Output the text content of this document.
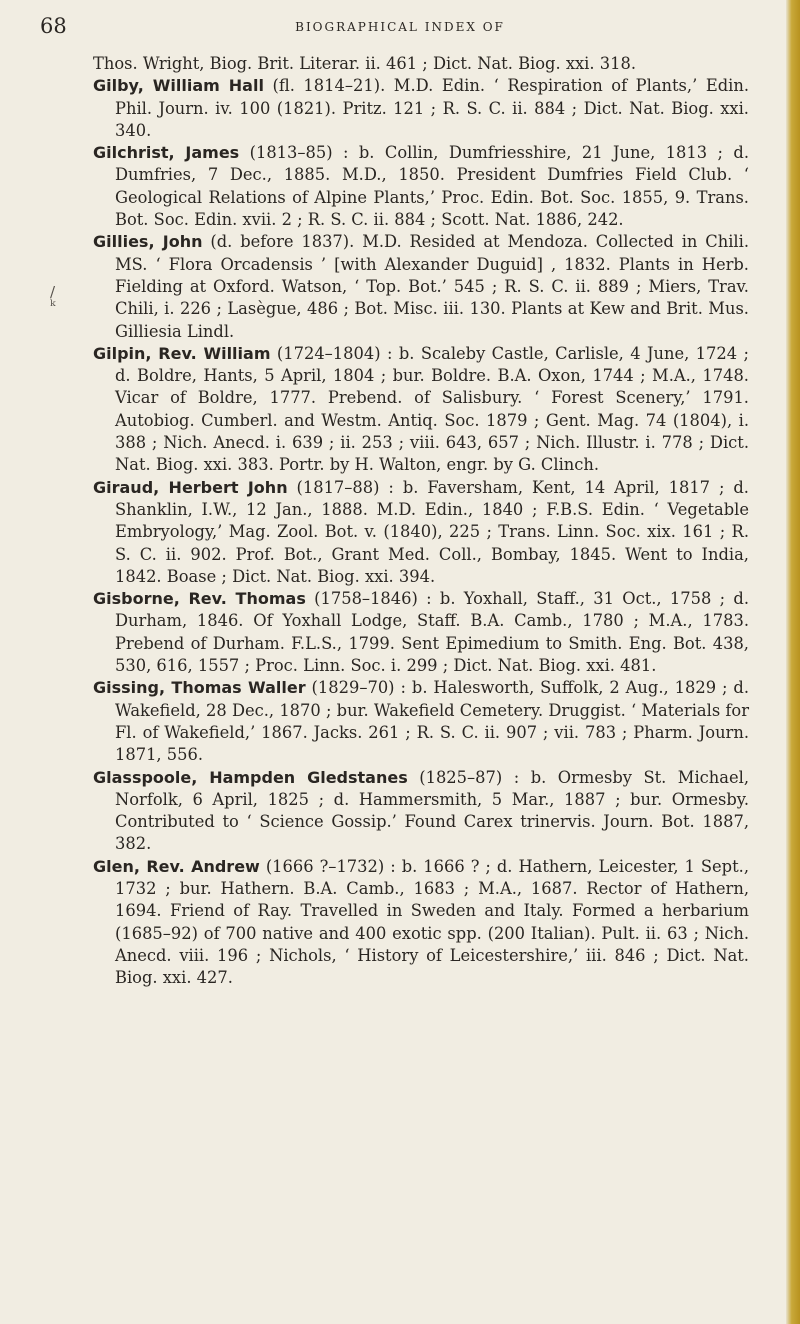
68	BIOGRAPHICAL INDEX OF
/
ᵏ

Thos. Wright, Biog. Brit. Literar. ii. 461 ; Dict. Nat. Biog. xxi. 318.

Gilby, William Hall (fl. 1814–21). M.D. Edin. ‘ Respiration of Plants,’ Edin. Phil. Journ. iv. 100 (1821). Pritz. 121 ; R. S. C. ii. 884 ; Dict. Nat. Biog. xxi. 340.

Gilchrist, James (1813–85) : b. Collin, Dumfriesshire, 21 June, 1813 ; d. Dumfries, 7 Dec., 1885. M.D., 1850. President Dumfries Field Club. ‘ Geological Relations of Alpine Plants,’ Proc. Edin. Bot. Soc. 1855, 9. Trans. Bot. Soc. Edin. xvii. 2 ; R. S. C. ii. 884 ; Scott. Nat. 1886, 242.

Gillies, John (d. before 1837). M.D. Resided at Mendoza. Collected in Chili. MS. ‘ Flora Orcadensis ’ [with Alexander Duguid] , 1832. Plants in Herb. Fielding at Oxford. Watson, ‘ Top. Bot.’ 545 ; R. S. C. ii. 889 ; Miers, Trav. Chili, i. 226 ; Lasègue, 486 ; Bot. Misc. iii. 130. Plants at Kew and Brit. Mus. Gilliesia Lindl.

Gilpin, Rev. William (1724–1804) : b. Scaleby Castle, Carlisle, 4 June, 1724 ; d. Boldre, Hants, 5 April, 1804 ; bur. Boldre. B.A. Oxon, 1744 ; M.A., 1748. Vicar of Boldre, 1777. Prebend. of Salisbury. ‘ Forest Scenery,’ 1791. Autobiog. Cumberl. and Westm. Antiq. Soc. 1879 ; Gent. Mag. 74 (1804), i. 388 ; Nich. Anecd. i. 639 ; ii. 253 ; viii. 643, 657 ; Nich. Illustr. i. 778 ; Dict. Nat. Biog. xxi. 383. Portr. by H. Walton, engr. by G. Clinch.

Giraud, Herbert John (1817–88) : b. Faversham, Kent, 14 April, 1817 ; d. Shanklin, I.W., 12 Jan., 1888. M.D. Edin., 1840 ; F.B.S. Edin. ‘ Vegetable Embryology,’ Mag. Zool. Bot. v. (1840), 225 ; Trans. Linn. Soc. xix. 161 ; R. S. C. ii. 902. Prof. Bot., Grant Med. Coll., Bombay, 1845. Went to India, 1842. Boase ; Dict. Nat. Biog. xxi. 394.

Gisborne, Rev. Thomas (1758–1846) : b. Yoxhall, Staff., 31 Oct., 1758 ; d. Durham, 1846. Of Yoxhall Lodge, Staff. B.A. Camb., 1780 ; M.A., 1783. Prebend of Durham. F.L.S., 1799. Sent Epimedium to Smith. Eng. Bot. 438, 530, 616, 1557 ; Proc. Linn. Soc. i. 299 ; Dict. Nat. Biog. xxi. 481.

Gissing, Thomas Waller (1829–70) : b. Halesworth, Suffolk, 2 Aug., 1829 ; d. Wakefield, 28 Dec., 1870 ; bur. Wakefield Cemetery. Druggist. ‘ Materials for Fl. of Wakefield,’ 1867. Jacks. 261 ; R. S. C. ii. 907 ; vii. 783 ; Pharm. Journ. 1871, 556.

Glasspoole, Hampden Gledstanes (1825–87) : b. Ormesby St. Michael, Norfolk, 6 April, 1825 ; d. Hammersmith, 5 Mar., 1887 ; bur. Ormesby. Contributed to ‘ Science Gossip.’ Found Carex trinervis. Journ. Bot. 1887, 382.

Glen, Rev. Andrew (1666 ?–1732) : b. 1666 ? ; d. Hathern, Leicester, 1 Sept., 1732 ; bur. Hathern. B.A. Camb., 1683 ; M.A., 1687. Rector of Hathern, 1694. Friend of Ray. Travelled in Sweden and Italy. Formed a herbarium (1685–92) of 700 native and 400 exotic spp. (200 Italian). Pult. ii. 63 ; Nich. Anecd. viii. 196 ; Nichols, ‘ History of Leicestershire,’ iii. 846 ; Dict. Nat. Biog. xxi. 427.
